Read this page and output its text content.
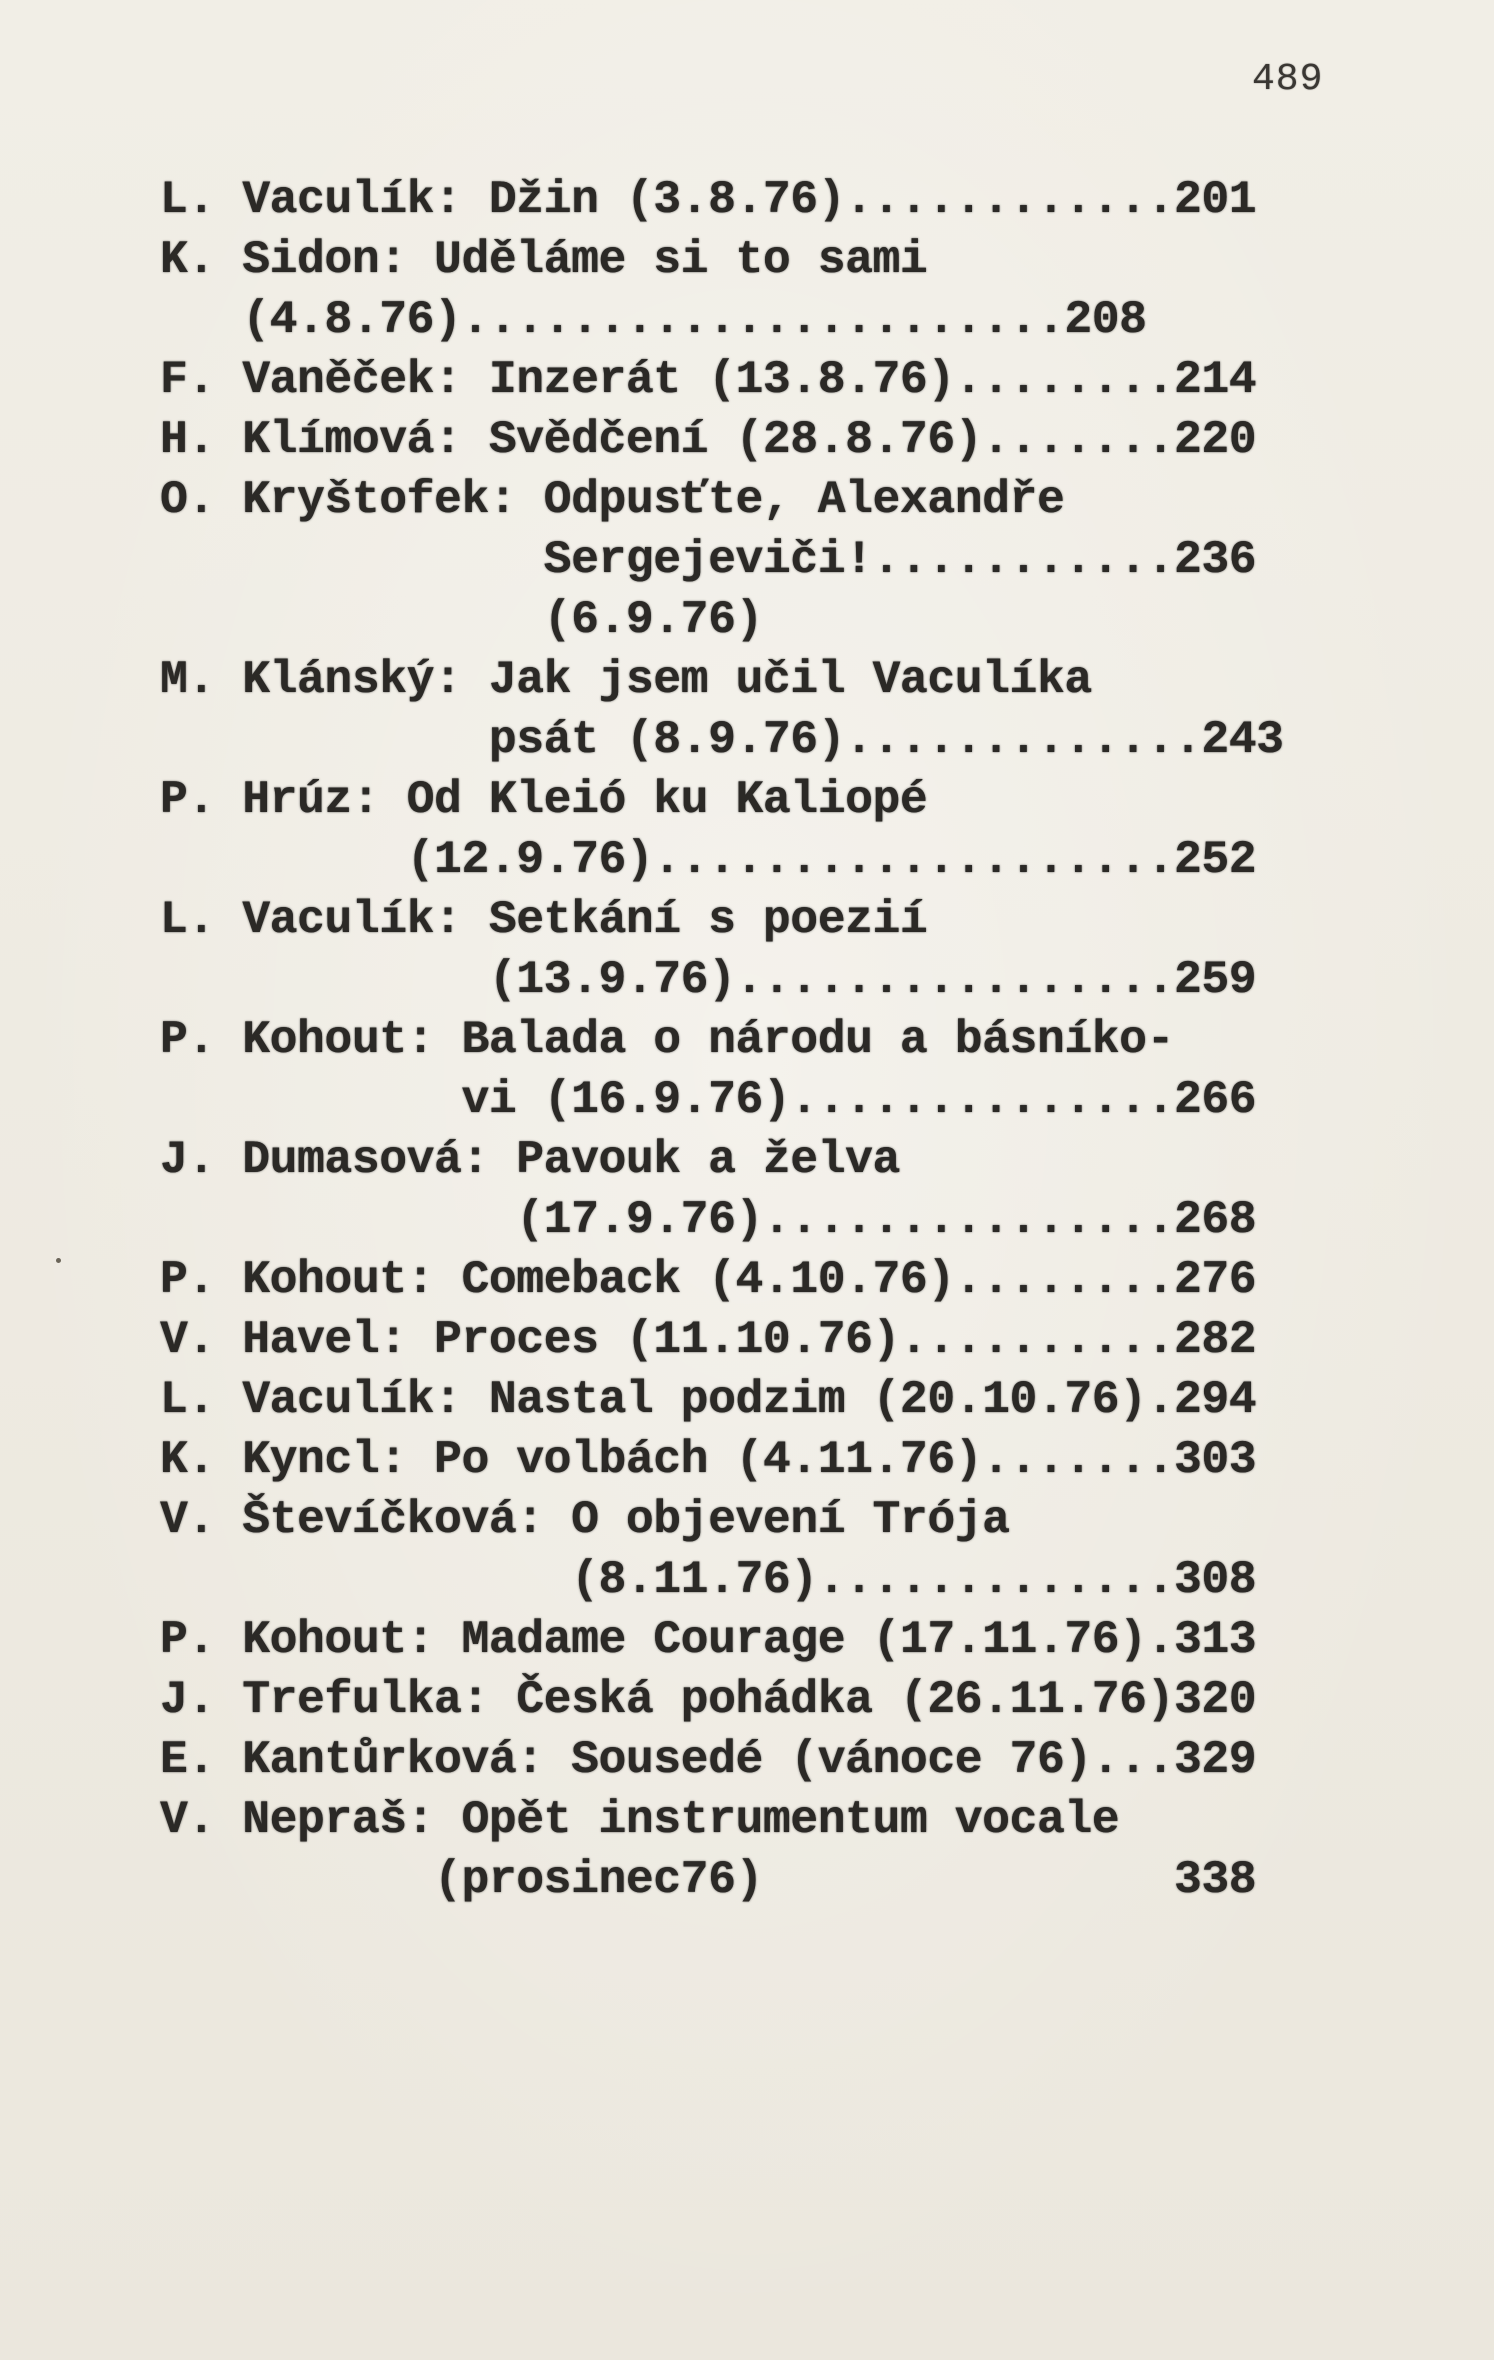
489
L. Vaculík: Džin (3.8.76)............201
K. Sidon: Uděláme si to sami
(4.8.76)......................208
F. Vaněček: Inzerát (13.8.76)........214
H. Klímová: Svědčení (28.8.76).......220
O. Kryštofek: Odpusťte, Alexandře
Sergejeviči!...........236
(6.9.76)
M. Klánský: Jak jsem učil Vaculíka
psát (8.9.76).............243
P. Hrúz: Od Kleió ku Kaliopé
(12.9.76)...................252
L. Vaculík: Setkání s poezií
(13.9.76)................259
P. Kohout: Balada o národu a básníko-
vi (16.9.76)..............266
J. Dumasová: Pavouk a želva
(17.9.76)...............268
P. Kohout: Comeback (4.10.76)........276
V. Havel: Proces (11.10.76)..........282
L. Vaculík: Nastal podzim (20.10.76).294
K. Kyncl: Po volbách (4.11.76).......303
V. Števíčková: O objevení Trója
(8.11.76).............308
P. Kohout: Madame Courage (17.11.76).313
J. Trefulka: Česká pohádka (26.11.76)320
E. Kantůrková: Sousedé (vánoce 76)...329
V. Nepraš: Opět instrumentum vocale
(prosinec76)               338
